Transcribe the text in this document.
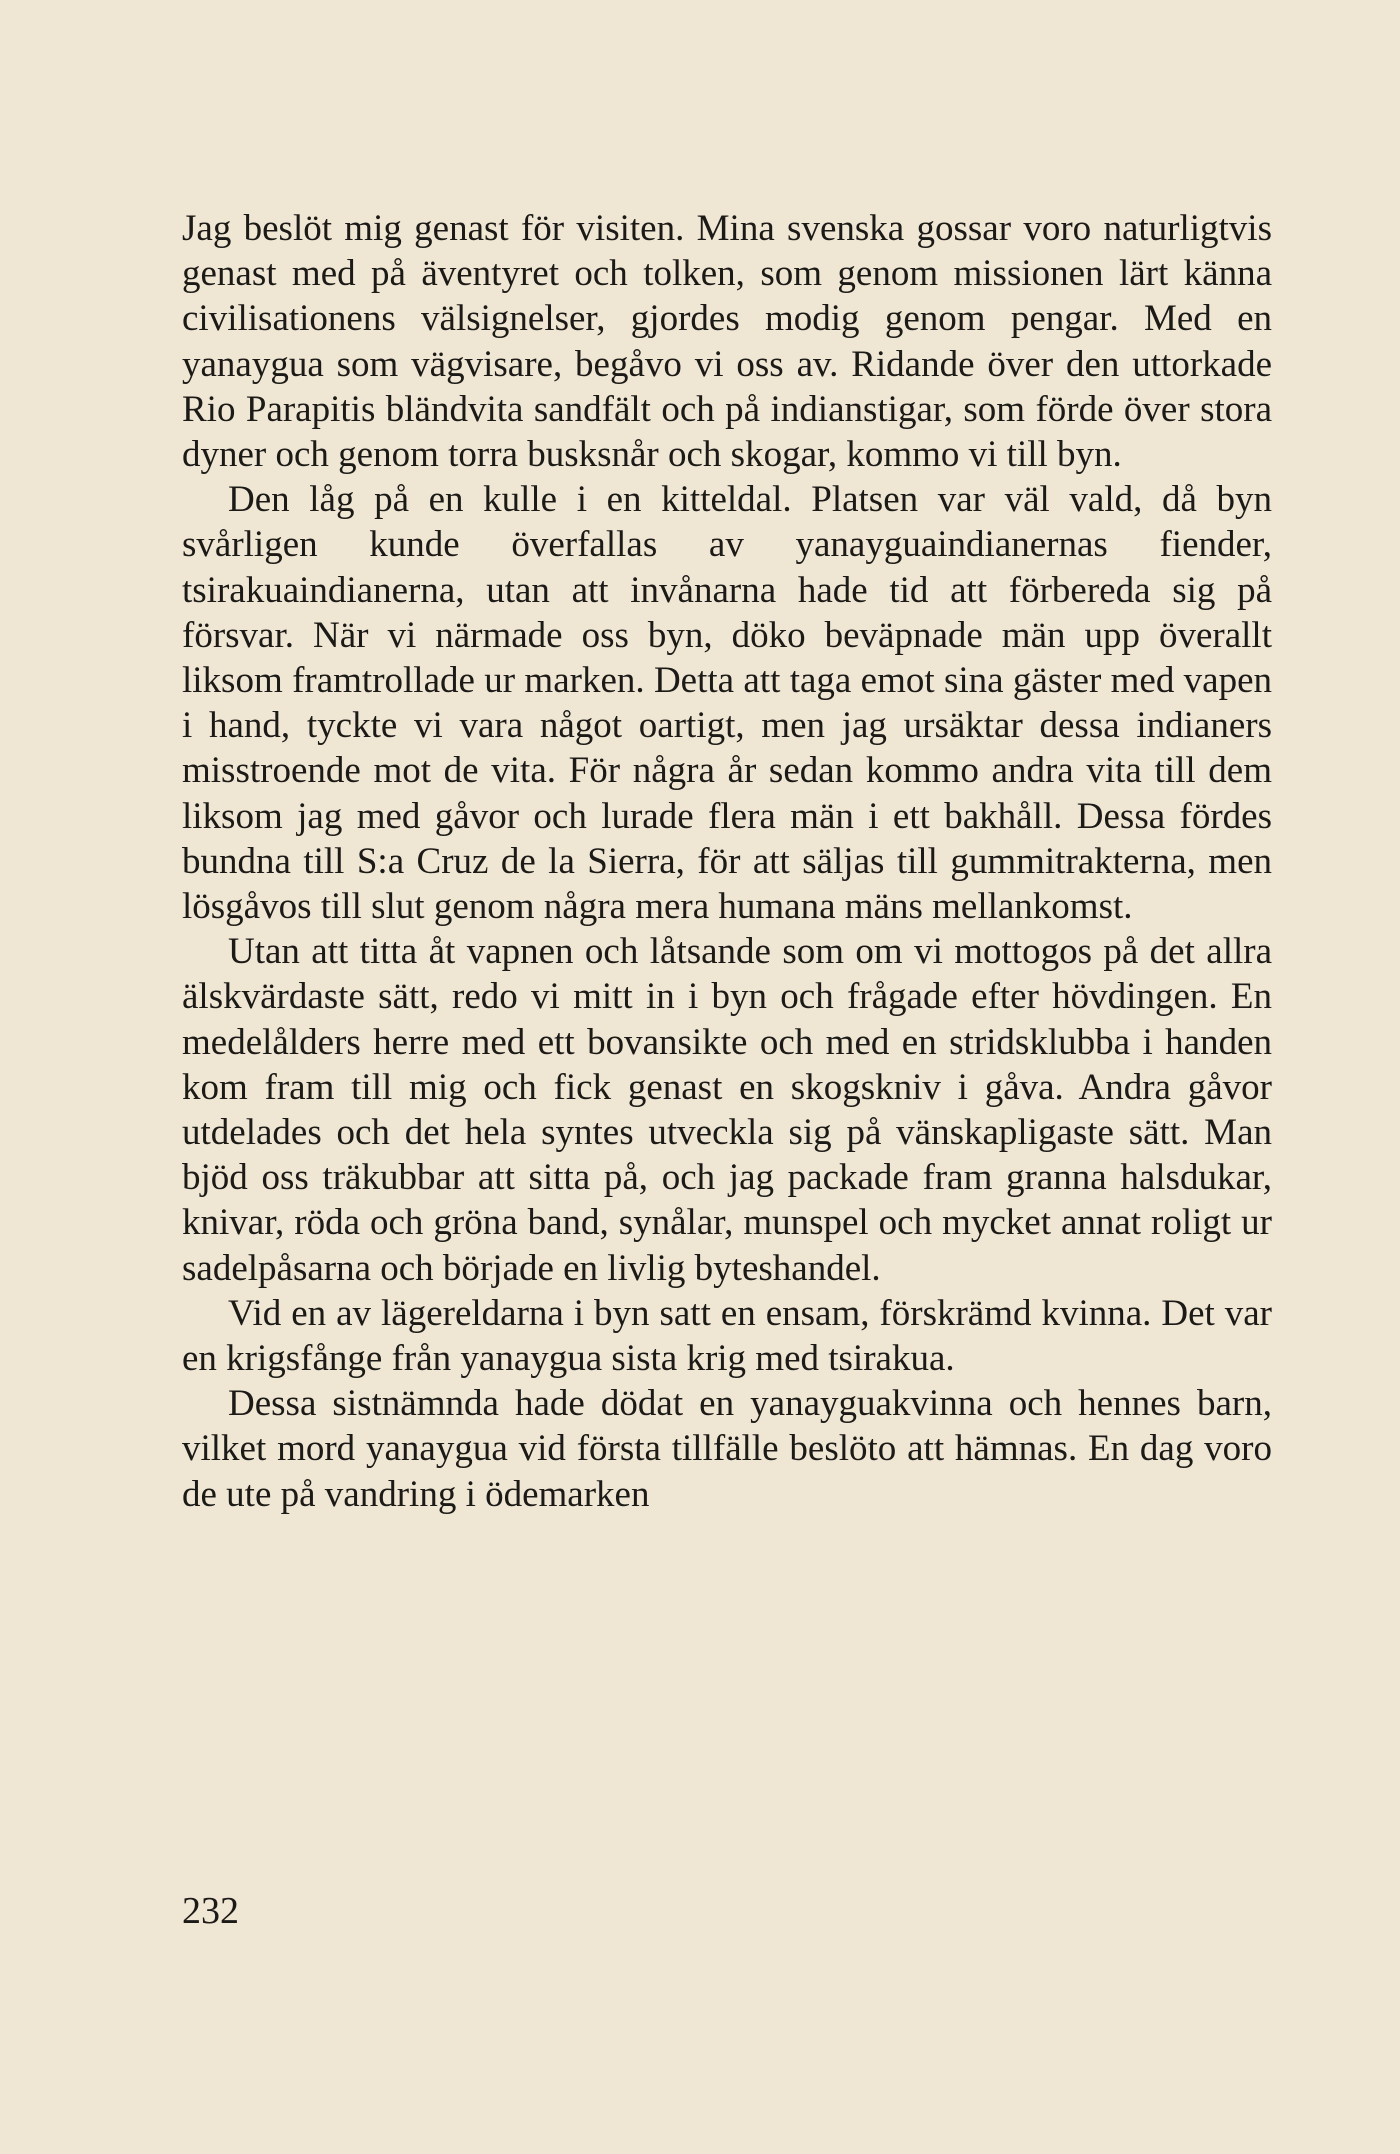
Jag beslöt mig genast för visiten. Mina svenska gossar voro naturligtvis genast med på äventyret och tolken, som genom missionen lärt känna civilisationens välsignelser, gjordes modig genom pengar. Med en yanaygua som vägvisare, begåvo vi oss av. Ridande över den uttorkade Rio Parapitis bländvita sandfält och på indianstigar, som förde över stora dyner och genom torra busksnår och skogar, kommo vi till byn.

Den låg på en kulle i en kitteldal. Platsen var väl vald, då byn svårligen kunde överfallas av yanayguaindianernas fiender, tsirakuaindianerna, utan att invånarna hade tid att förbereda sig på försvar. När vi närmade oss byn, döko beväpnade män upp överallt liksom framtrollade ur marken. Detta att taga emot sina gäster med vapen i hand, tyckte vi vara något oartigt, men jag ursäktar dessa indianers misstroende mot de vita. För några år sedan kommo andra vita till dem liksom jag med gåvor och lurade flera män i ett bakhåll. Dessa fördes bundna till S:a Cruz de la Sierra, för att säljas till gummitrakterna, men lösgåvos till slut genom några mera humana mäns mellankomst.

Utan att titta åt vapnen och låtsande som om vi mottogos på det allra älskvärdaste sätt, redo vi mitt in i byn och frågade efter hövdingen. En medelålders herre med ett bovansikte och med en stridsklubba i handen kom fram till mig och fick genast en skogskniv i gåva. Andra gåvor utdelades och det hela syntes utveckla sig på vänskapligaste sätt. Man bjöd oss träkubbar att sitta på, och jag packade fram granna halsdukar, knivar, röda och gröna band, synålar, munspel och mycket annat roligt ur sadelpåsarna och började en livlig byteshandel.

Vid en av lägereldarna i byn satt en ensam, förskrämd kvinna. Det var en krigsfånge från yanaygua sista krig med tsirakua.

Dessa sistnämnda hade dödat en yanayguakvinna och hennes barn, vilket mord yanaygua vid första tillfälle beslöto att hämnas. En dag voro de ute på vandring i ödemarken

232
